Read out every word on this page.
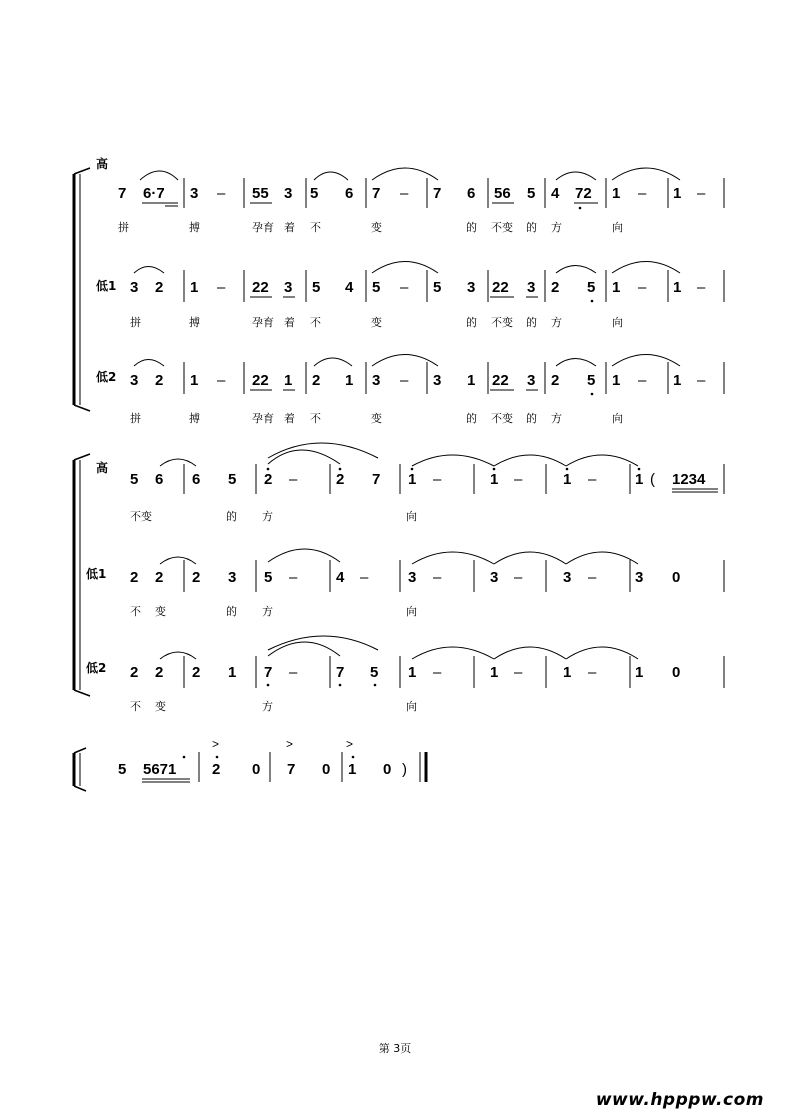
高
低1
低2
高
低1
低2
7 6·7 3 – 55 3 5 6 7 – 7 6 56 5 4 72 1 – 1 –
拼	搏	孕育 着 不	变	的 不变 的 方	向
3 2 1 – 22 3 5 4 5 – 5 3 22 3 2 5 1 – 1 –
拼	搏	孕育 着 不	变	的 不变 的 方	向
3 2 1 – 22 1 2 1 3 – 3 1 22 3 2 5 1 – 1 –
拼	搏	孕育 着 不	变	的 不变 的 方	向
5 6 6 5 2 –	2 7 1 –	1 –	1 –	1 ( 1234
不变	的 方	向
2 2 2 3 5 –	4 –	3 –	3 –	3 –	3 0
不 变	的 方	向
2 2 2 1 7 –	7 5 1 –	1 –	1 –	1 0
不 变	方	向
>	>	>
5 5671 2 0 7 0 1 0 )
第 3页
www.hpppw.com
